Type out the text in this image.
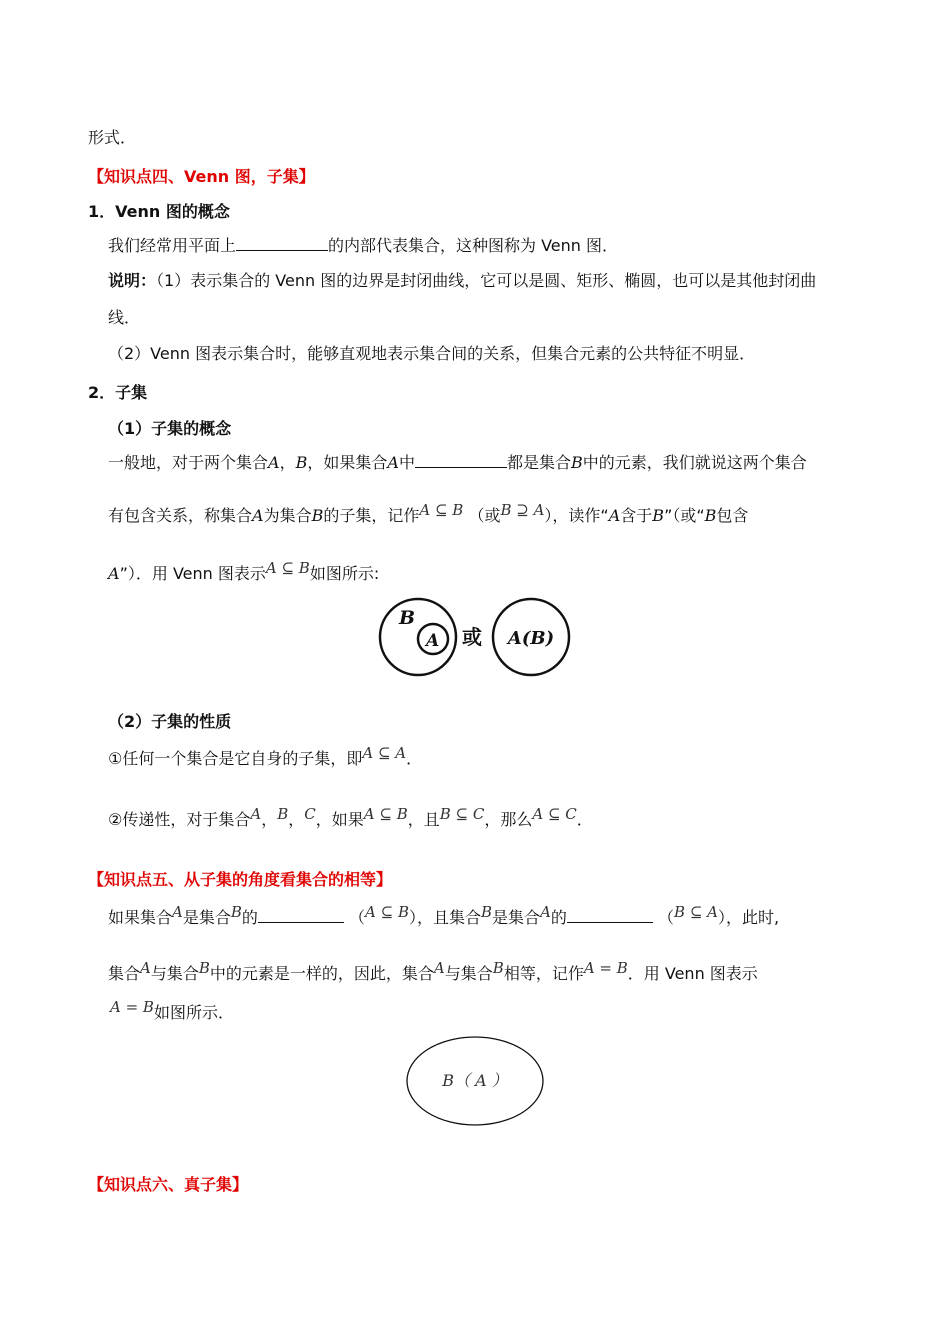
形式．
【知识点四、Venn 图，子集】
1．Venn 图的概念
我们经常用平面上	的内部代表集合，这种图称为 Venn 图．
说明：（1）表示集合的 Venn 图的边界是封闭曲线，它可以是圆、矩形、椭圆，也可以是其他封闭曲
线．
（2）Venn 图表示集合时，能够直观地表示集合间的关系，但集合元素的公共特征不明显．
2．子集
（1）子集的概念
一般地，对于两个集合A，B，如果集合A中	都是集合B中的元素，我们就说这两个集合
有包含关系，称集合A为集合B的子集，记作A ⊆ B （或B ⊇ A），读作“A含于B”（或“B包含
A”）．用 Venn 图表示A ⊆ B如图所示:
B
A 或 A(B)
（2）子集的性质
①任何一个集合是它自身的子集，即A ⊆ A．
②传递性，对于集合A，B，C，如果A ⊆ B，且B ⊆ C，那么A ⊆ C．
【知识点五、从子集的角度看集合的相等】
如果集合A是集合B的	（A ⊆ B），且集合B是集合A的	（B ⊆ A），此时,
集合A与集合B中的元素是一样的，因此，集合A与集合B相等，记作A = B．用 Venn 图表示
A = B如图所示．
B（ A ）
【知识点六、真子集】
